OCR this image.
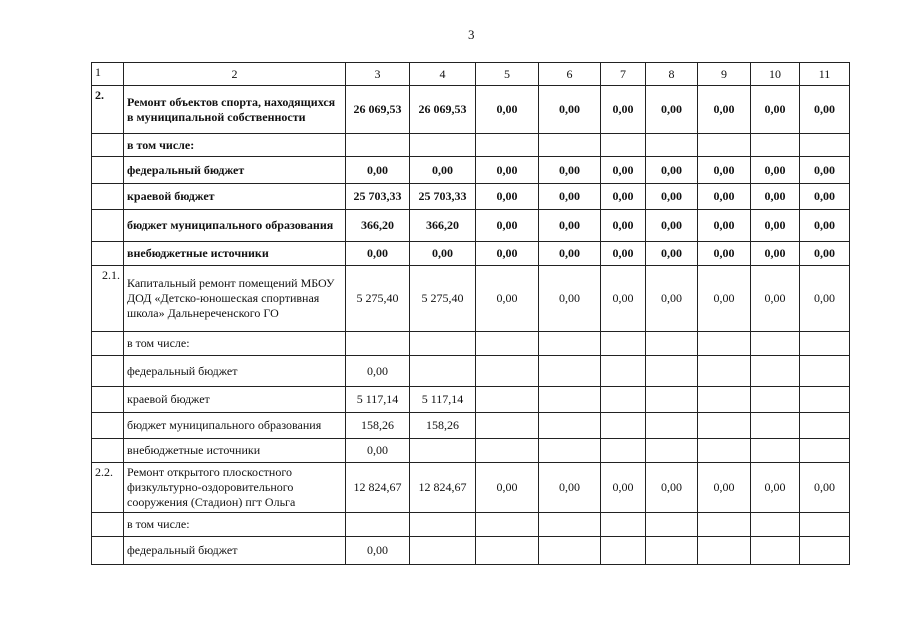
3
1	2	3	4	5	6	7	8	9	10	11
2.	Ремонт объектов спорта, находящихся в муниципальной собственности	26 069,53	26 069,53	0,00	0,00	0,00	0,00	0,00	0,00	0,00
	в том числе:									
	федеральный бюджет	0,00	0,00	0,00	0,00	0,00	0,00	0,00	0,00	0,00
	краевой бюджет	25 703,33	25 703,33	0,00	0,00	0,00	0,00	0,00	0,00	0,00
	бюджет муниципального образования	366,20	366,20	0,00	0,00	0,00	0,00	0,00	0,00	0,00
	внебюджетные источники	0,00	0,00	0,00	0,00	0,00	0,00	0,00	0,00	0,00
2.1.	Капитальный ремонт помещений МБОУ ДОД «Детско-юношеская спортивная школа» Дальнереченского ГО	5 275,40	5 275,40	0,00	0,00	0,00	0,00	0,00	0,00	0,00
	в том числе:									
	федеральный бюджет	0,00								
	краевой бюджет	5 117,14	5 117,14							
	бюджет муниципального образования	158,26	158,26							
	внебюджетные источники	0,00								
2.2.	Ремонт открытого плоскостного физкультурно-оздоровительного сооружения (Стадион) пгт Ольга	12 824,67	12 824,67	0,00	0,00	0,00	0,00	0,00	0,00	0,00
	в том числе:									
	федеральный бюджет	0,00								
